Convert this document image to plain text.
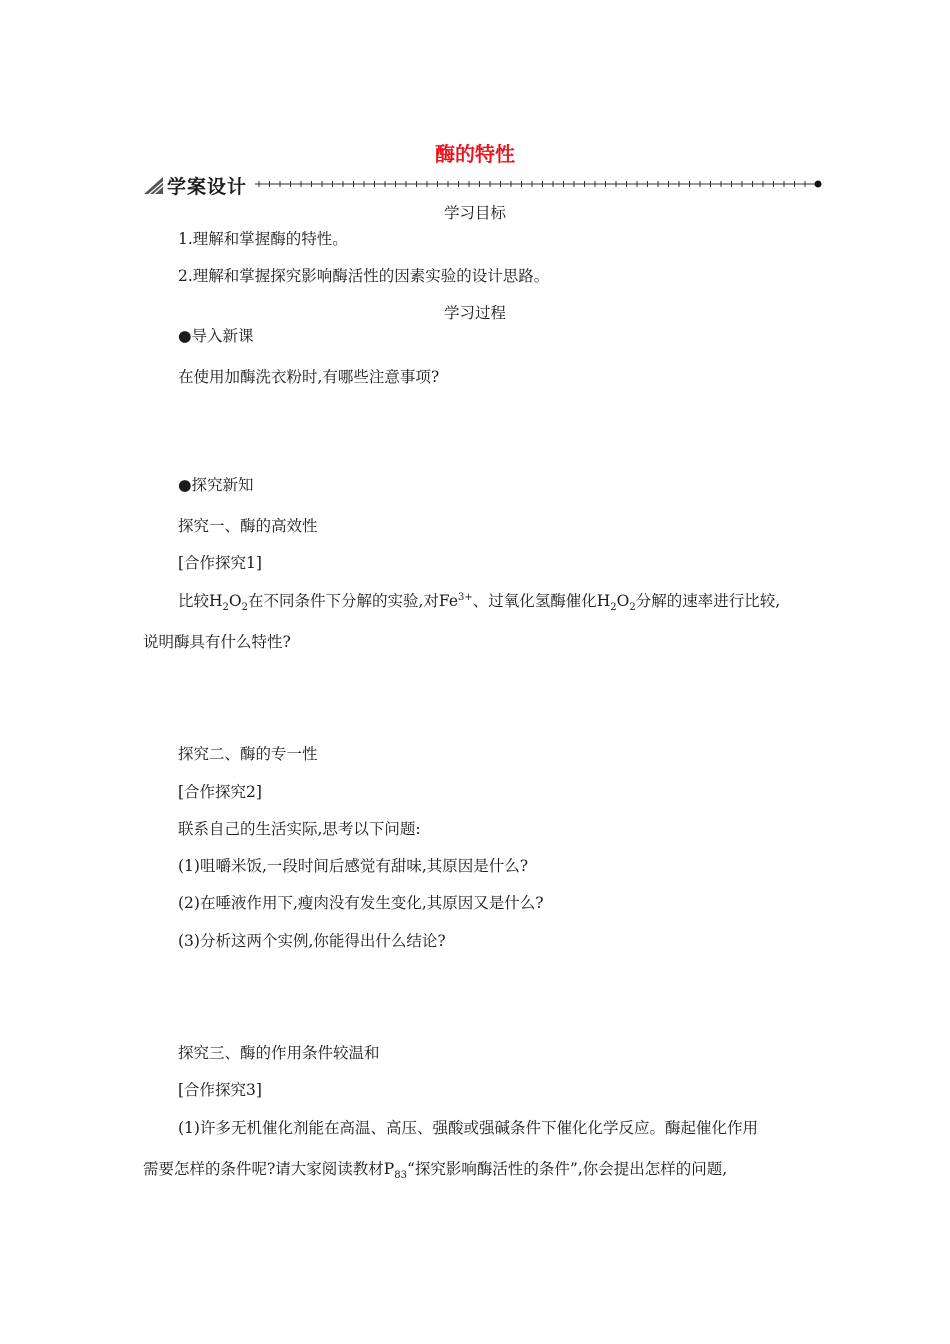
酶的特性
学案设计
学习目标
1.理解和掌握酶的特性。
2.理解和掌握探究影响酶活性的因素实验的设计思路。
学习过程
●导入新课
在使用加酶洗衣粉时,有哪些注意事项?
●探究新知
探究一、酶的高效性
[合作探究1]
比较$H_2O_2$在不同条件下分解的实验,对$Fe^{3+}$、过氧化氢酶催化$H_2O_2$分解的速率进行比较,
说明酶具有什么特性?
探究二、酶的专一性
[合作探究2]
联系自己的生活实际,思考以下问题:
(1)咀嚼米饭,一段时间后感觉有甜味,其原因是什么?
(2)在唾液作用下,瘦肉没有发生变化,其原因又是什么?
(3)分析这两个实例,你能得出什么结论?
探究三、酶的作用条件较温和
[合作探究3]
(1)许多无机催化剂能在高温、高压、强酸或强碱条件下催化化学反应。酶起催化作用
需要怎样的条件呢?请大家阅读教材$P_{83}“$探究影响酶活性的条件”,你会提出怎样的问题,
